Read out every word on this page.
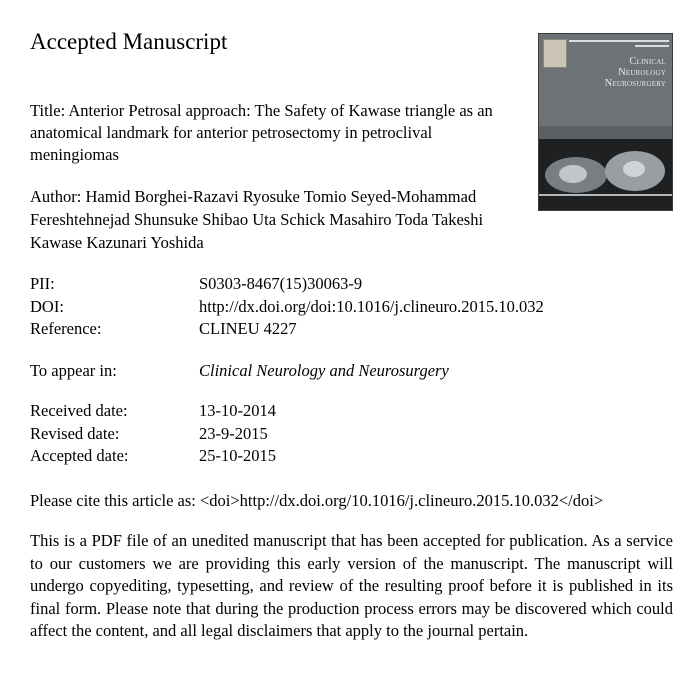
Accepted Manuscript
Title: Anterior Petrosal approach: The Safety of Kawase triangle as an anatomical landmark for anterior petrosectomy in petroclival meningiomas
Author: Hamid Borghei-Razavi Ryosuke Tomio Seyed-Mohammad Fereshtehnejad Shunsuke Shibao Uta Schick Masahiro Toda Takeshi Kawase Kazunari Yoshida
PII:	S0303-8467(15)30063-9
DOI:	http://dx.doi.org/doi:10.1016/j.clineuro.2015.10.032
Reference:	CLINEU 4227
To appear in:	Clinical Neurology and Neurosurgery
Received date:	13-10-2014
Revised date:	23-9-2015
Accepted date:	25-10-2015
Please cite this article as: <doi>http://dx.doi.org/10.1016/j.clineuro.2015.10.032</doi>
This is a PDF file of an unedited manuscript that has been accepted for publication. As a service to our customers we are providing this early version of the manuscript. The manuscript will undergo copyediting, typesetting, and review of the resulting proof before it is published in its final form. Please note that during the production process errors may be discovered which could affect the content, and all legal disclaimers that apply to the journal pertain.
Clinical
Neurology
Neurosurgery
